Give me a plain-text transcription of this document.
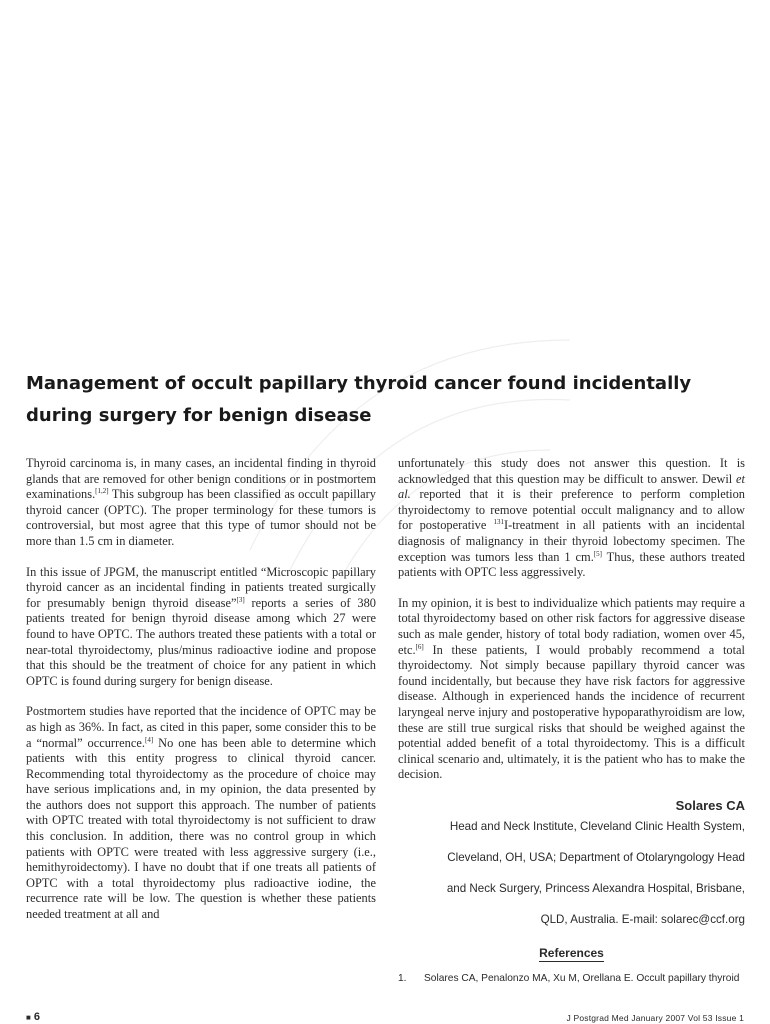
Management of occult papillary thyroid cancer found incidentally during surgery for benign disease

Thyroid carcinoma is, in many cases, an incidental finding in thyroid glands that are removed for other benign conditions or in postmortem examinations.[1,2] This subgroup has been classified as occult papillary thyroid cancer (OPTC). The proper terminology for these tumors is controversial, but most agree that this type of tumor should not be more than 1.5 cm in diameter.

In this issue of JPGM, the manuscript entitled “Microscopic papillary thyroid cancer as an incidental finding in patients treated surgically for presumably benign thyroid disease”[3] reports a series of 380 patients treated for benign thyroid disease among which 27 were found to have OPTC. The authors treated these patients with a total or near-total thyroidectomy, plus/minus radioactive iodine and propose that this should be the treatment of choice for any patient in which OPTC is found during surgery for benign disease.

Postmortem studies have reported that the incidence of OPTC may be as high as 36%. In fact, as cited in this paper, some consider this to be a “normal” occurrence.[4] No one has been able to determine which patients with this entity progress to clinical thyroid cancer. Recommending total thyroidectomy as the procedure of choice may have serious implications and, in my opinion, the data presented by the authors does not support this approach. The number of patients with OPTC treated with total thyroidectomy is not sufficient to draw this conclusion. In addition, there was no control group in which patients with OPTC were treated with less aggressive surgery (i.e., hemithyroidectomy). I have no doubt that if one treats all patients of OPTC with a total thyroidectomy plus radioactive iodine, the recurrence rate will be low. The question is whether these patients needed treatment at all and

unfortunately this study does not answer this question. It is acknowledged that this question may be difficult to answer. Dewil et al. reported that it is their preference to perform completion thyroidectomy to remove potential occult malignancy and to allow for postoperative $^{131}$I-treatment in all patients with an incidental diagnosis of malignancy in their thyroid lobectomy specimen. The exception was tumors less than 1 cm.[5] Thus, these authors treated patients with OPTC less aggressively.

In my opinion, it is best to individualize which patients may require a total thyroidectomy based on other risk factors for aggressive disease such as male gender, history of total body radiation, women over 45, etc.[6] In these patients, I would probably recommend a total thyroidectomy. Not simply because papillary thyroid cancer was found incidentally, but because they have risk factors for aggressive disease. Although in experienced hands the incidence of recurrent laryngeal nerve injury and postoperative hypoparathyroidism are low, these are still true surgical risks that should be weighed against the potential added benefit of a total thyroidectomy. This is a difficult clinical scenario and, ultimately, it is the patient who has to make the decision.

Solares CA

Head and Neck Institute, Cleveland Clinic Health System,

Cleveland, OH, USA; Department of Otolaryngology Head

and Neck Surgery, Princess Alexandra Hospital, Brisbane,

QLD, Australia. E-mail: solarec@ccf.org

References
1.	Solares CA, Penalonzo MA, Xu M, Orellana E. Occult papillary thyroid
■ 6	J Postgrad Med January 2007 Vol 53 Issue 1
